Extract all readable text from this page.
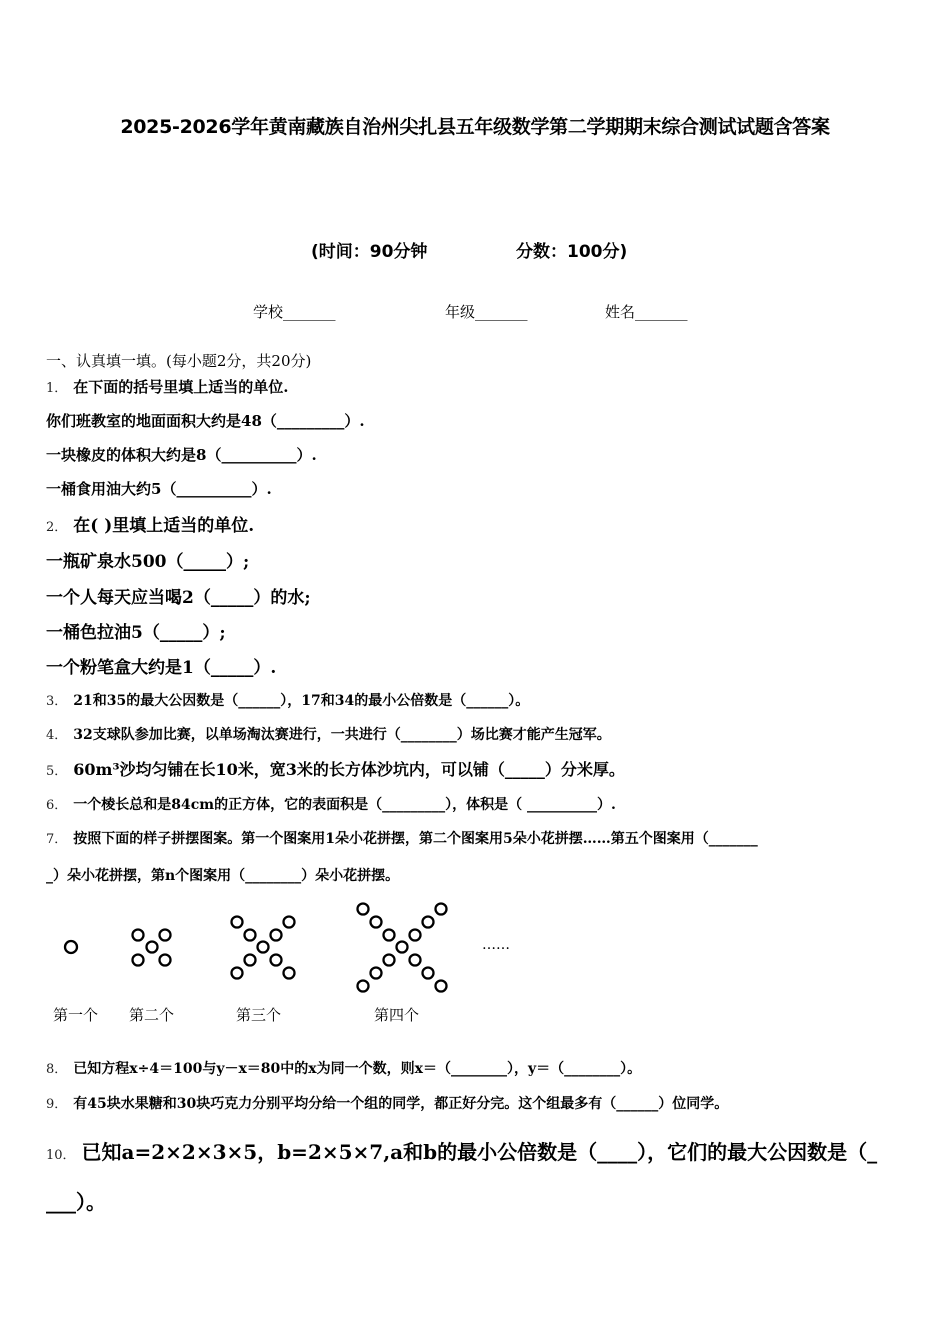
2025-2026学年黄南藏族自治州尖扎县五年级数学第二学期期末综合测试试题含答案
(时间：90分钟	分数：100分)
学校_______	年级_______	姓名_______
一、认真填一填。(每小题2分，共20分)
1． 在下面的括号里填上适当的单位.
你们班教室的地面面积大约是48（_________）.
一块橡皮的体积大约是8（__________）.
一桶食用油大约5（__________）.
2． 在( )里填上适当的单位.
一瓶矿泉水500（_____）;
一个人每天应当喝2（_____）的水;
一桶色拉油5（_____）;
一个粉笔盒大约是1（_____）.
3． 21和35的最大公因数是（______），17和34的最小公倍数是（______）。
4． 32支球队参加比赛，以单场淘汰赛进行，一共进行（________）场比赛才能产生冠军。
5． 60m³沙均匀铺在长10米，宽3米的长方体沙坑内，可以铺（_____）分米厚。
6． 一个棱长总和是84cm的正方体，它的表面积是（_________），体积是（ __________）.
7． 按照下面的样子拼摆图案。第一个图案用1朵小花拼摆，第二个图案用5朵小花拼摆……第五个图案用（_______
_）朵小花拼摆，第n个图案用（________）朵小花拼摆。
……
第一个 第二个	第三个	第四个
8． 已知方程x÷4＝100与y－x＝80中的x为同一个数，则x＝（________），y＝（________）。
9． 有45块水果糖和30块巧克力分别平均分给一个组的同学，都正好分完。这个组最多有（______）位同学。
10． 已知a=2×2×3×5，b=2×5×7,a和b的最小公倍数是（____），它们的最大公因数是（_
___）。
